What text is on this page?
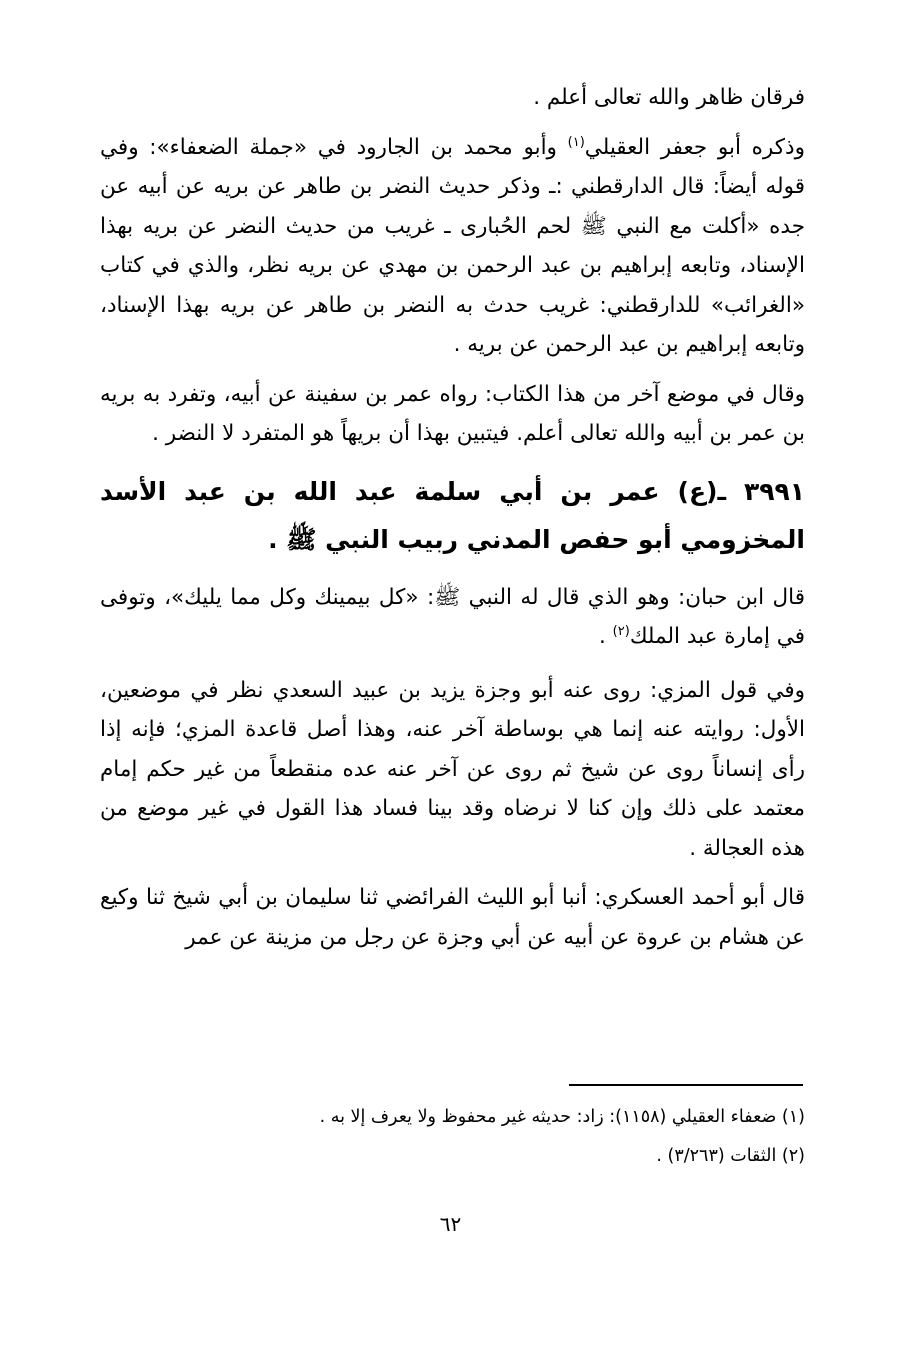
فرقان ظاهر والله تعالى أعلم .

وذكره أبو جعفر العقيلي$^{(١)}$ وأبو محمد بن الجارود في «جملة الضعفاء»: وفي قوله أيضاً: قال الدارقطني :ـ وذكر حديث النضر بن طاهر عن بريه عن أبيه عن جده «أكلت مع النبي ﷺ لحم الحُبارى ـ غريب من حديث النضر عن بريه بهذا الإسناد، وتابعه إبراهيم بن عبد الرحمن بن مهدي عن بريه نظر، والذي في كتاب «الغرائب» للدارقطني: غريب حدث به النضر بن طاهر عن بريه بهذا الإسناد، وتابعه إبراهيم بن عبد الرحمن عن بريه .

وقال في موضع آخر من هذا الكتاب: رواه عمر بن سفينة عن أبيه، وتفرد به بريه بن عمر بن أبيه والله تعالى أعلم. فيتبين بهذا أن بريهاً هو المتفرد لا النضر .

٣٩٩١ ـ(ع) عمر بن أبي سلمة عبد الله بن عبد الأسد المخزومي أبو حفص المدني ربيب النبي ﷺ .

قال ابن حبان: وهو الذي قال له النبي ﷺ: «كل بيمينك وكل مما يليك»، وتوفى في إمارة عبد الملك$^{(٢)}$ .

وفي قول المزي: روى عنه أبو وجزة يزيد بن عبيد السعدي نظر في موضعين، الأول: روايته عنه إنما هي بوساطة آخر عنه، وهذا أصل قاعدة المزي؛ فإنه إذا رأى إنساناً روى عن شيخ ثم روى عن آخر عنه عده منقطعاً من غير حكم إمام معتمد على ذلك وإن كنا لا نرضاه وقد بينا فساد هذا القول في غير موضع من هذه العجالة .

قال أبو أحمد العسكري: أنبا أبو الليث الفرائضي ثنا سليمان بن أبي شيخ ثنا وكيع عن هشام بن عروة عن أبيه عن أبي وجزة عن رجل من مزينة عن عمر

(١) ضعفاء العقيلي (١١٥٨): زاد: حديثه غير محفوظ ولا يعرف إلا به .

(٢) الثقات (٣/٢٦٣) .

٦٢
